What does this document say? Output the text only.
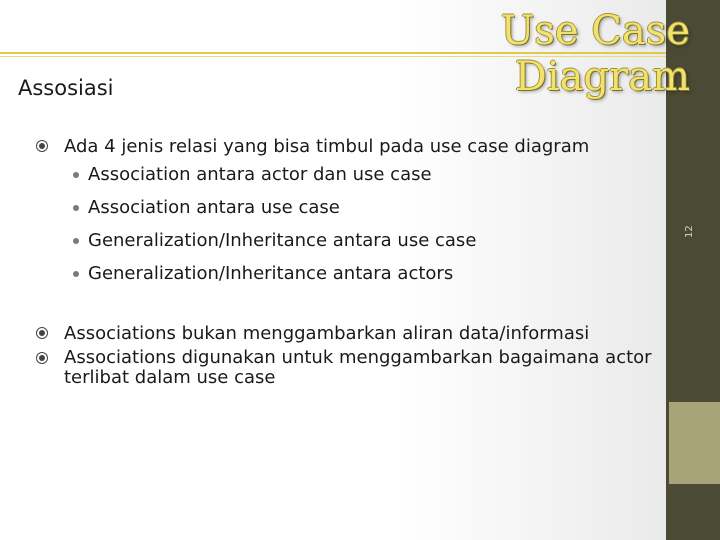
12
Use Case
Diagram
Assosiasi
Ada 4 jenis relasi yang bisa timbul pada use case diagram
Association antara actor dan use case
Association antara use case
Generalization/Inheritance antara use case
Generalization/Inheritance antara actors
Associations bukan menggambarkan aliran data/informasi
Associations digunakan untuk menggambarkan bagaimana actor terlibat dalam use case
